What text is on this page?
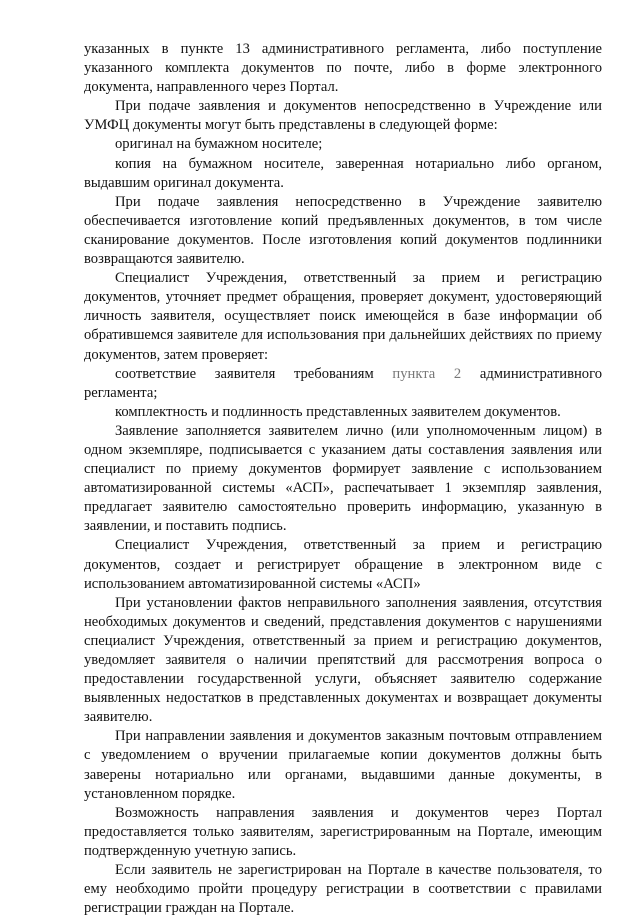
указанных в пункте 13 административного регламента, либо поступление указанного комплекта документов по почте, либо в форме электронного документа, направленного через Портал.

При подаче заявления и документов непосредственно в Учреждение или УМФЦ документы могут быть представлены в следующей форме:

оригинал на бумажном носителе;

копия на бумажном носителе, заверенная нотариально либо органом, выдавшим оригинал документа.

При подаче заявления непосредственно в Учреждение заявителю обеспечивается изготовление копий предъявленных документов, в том числе сканирование документов. После изготовления копий документов подлинники возвращаются заявителю.

Специалист Учреждения, ответственный за прием и регистрацию документов, уточняет предмет обращения, проверяет документ, удостоверяющий личность заявителя, осуществляет поиск имеющейся в базе информации об обратившемся заявителе для использования при дальнейших действиях по приему документов, затем проверяет:

соответствие заявителя требованиям пункта 2 административного регламента;

комплектность и подлинность представленных заявителем документов.

Заявление заполняется заявителем лично (или уполномоченным лицом) в одном экземпляре, подписывается с указанием даты составления заявления или специалист по приему документов формирует заявление с использованием автоматизированной системы «АСП», распечатывает 1 экземпляр заявления, предлагает заявителю самостоятельно проверить информацию, указанную в заявлении, и поставить подпись.

Специалист Учреждения, ответственный за прием и регистрацию документов, создает и регистрирует обращение в электронном виде с использованием автоматизированной системы «АСП»

При установлении фактов неправильного заполнения заявления, отсутствия необходимых документов и сведений, представления документов с нарушениями специалист Учреждения, ответственный за прием и регистрацию документов, уведомляет заявителя о наличии препятствий для рассмотрения вопроса о предоставлении государственной услуги, объясняет заявителю содержание выявленных недостатков в представленных документах и возвращает документы заявителю.

При направлении заявления и документов заказным почтовым отправлением с уведомлением о вручении прилагаемые копии документов должны быть заверены нотариально или органами, выдавшими данные документы, в установленном порядке.

Возможность направления заявления и документов через Портал предоставляется только заявителям, зарегистрированным на Портале, имеющим подтвержденную учетную запись.

Если заявитель не зарегистрирован на Портале в качестве пользователя, то ему необходимо пройти процедуру регистрации в соответствии с правилами регистрации граждан на Портале.
